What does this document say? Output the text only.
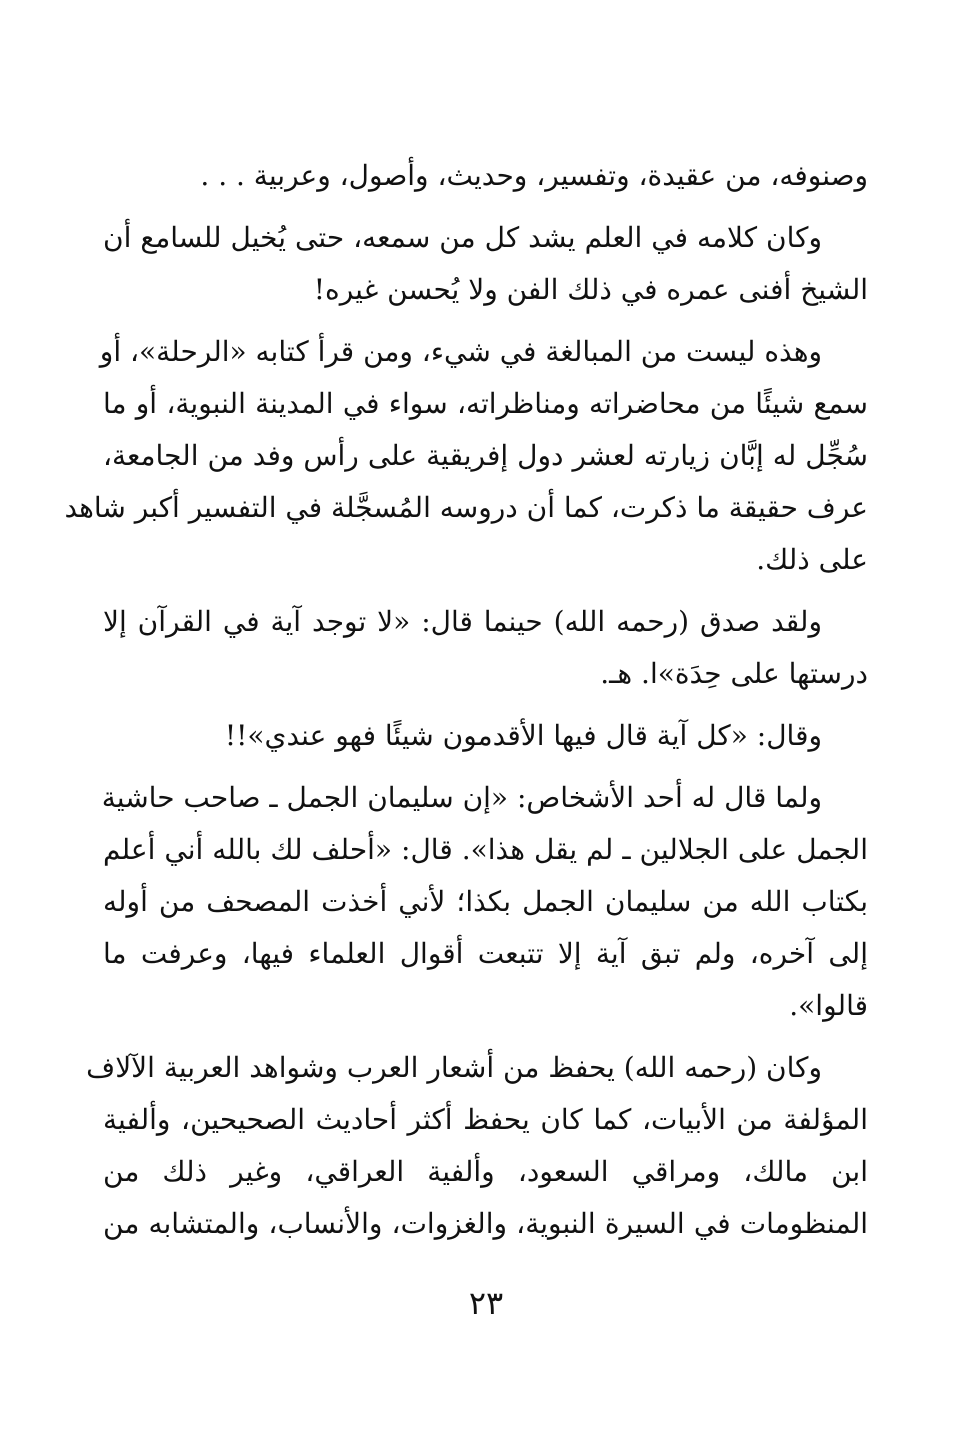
وصنوفه، من عقيدة، وتفسير، وحديث، وأصول، وعربية . . .
وكان كلامه في العلم يشد كل من سمعه، حتى يُخيل للسامع أن
الشيخ أفنى عمره في ذلك الفن ولا يُحسن غيره!
وهذه ليست من المبالغة في شيء، ومن قرأ كتابه «الرحلة»، أو
سمع شيئًا من محاضراته ومناظراته، سواء في المدينة النبوية، أو ما
سُجِّل له إبَّان زيارته لعشر دول إفريقية على رأس وفد من الجامعة،
عرف حقيقة ما ذكرت، كما أن دروسه المُسجَّلة في التفسير أكبر شاهد
على ذلك.
ولقد صدق (رحمه الله) حينما قال: «لا توجد آية في القرآن إلا
درستها على حِدَة»ا. هـ.
وقال: «كل آية قال فيها الأقدمون شيئًا فهو عندي»!!
ولما قال له أحد الأشخاص: «إن سليمان الجمل ـ صاحب حاشية
الجمل على الجلالين ـ لم يقل هذا». قال: «أحلف لك بالله أني أعلم
بكتاب الله من سليمان الجمل بكذا؛ لأني أخذت المصحف من أوله
إلى آخره، ولم تبق آية إلا تتبعت أقوال العلماء فيها، وعرفت ما
قالوا».
وكان (رحمه الله) يحفظ من أشعار العرب وشواهد العربية الآلاف
المؤلفة من الأبيات، كما كان يحفظ أكثر أحاديث الصحيحين، وألفية
ابن مالك، ومراقي السعود، وألفية العراقي، وغير ذلك من
المنظومات في السيرة النبوية، والغزوات، والأنساب، والمتشابه من
٢٣
